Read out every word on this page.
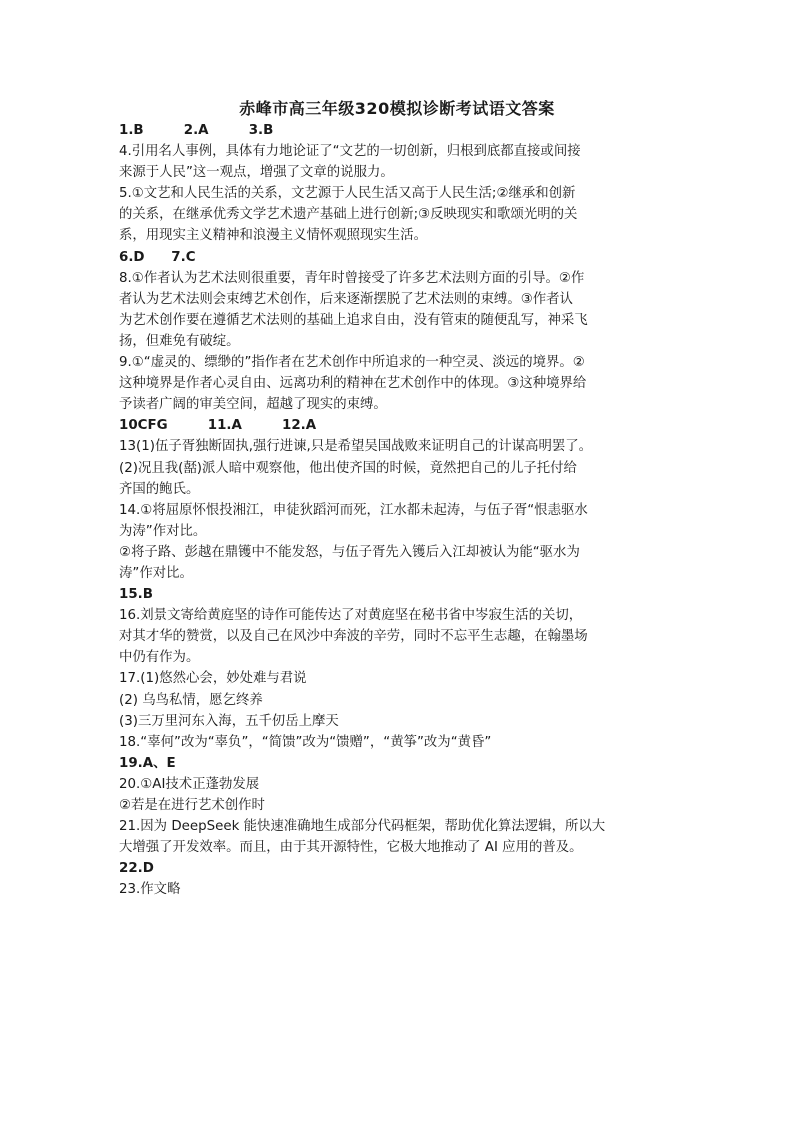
赤峰市高三年级320模拟诊断考试语文答案
1.B　　　2.A　　　3.B
4.引用名人事例，具体有力地论证了“文艺的一切创新，归根到底都直接或间接
来源于人民”这一观点，增强了文章的说服力。
5.①文艺和人民生活的关系，文艺源于人民生活又高于人民生活;②继承和创新
的关系，在继承优秀文学艺术遗产基础上进行创新;③反映现实和歌颂光明的关
系，用现实主义精神和浪漫主义情怀观照现实生活。
6.D　　7.C
8.①作者认为艺术法则很重要，青年时曾接受了许多艺术法则方面的引导。②作
者认为艺术法则会束缚艺术创作，后来逐渐摆脱了艺术法则的束缚。③作者认
为艺术创作要在遵循艺术法则的基础上追求自由，没有管束的随便乱写，神采飞
扬，但难免有破绽。
9.①“虚灵的、缥缈的”指作者在艺术创作中所追求的一种空灵、淡远的境界。②
这种境界是作者心灵自由、远离功利的精神在艺术创作中的体现。③这种境界给
予读者广阔的审美空间，超越了现实的束缚。
10CFG　　　11.A　　　12.A
13(1)伍子胥独断固执,强行进谏,只是希望吴国战败来证明自己的计谋高明罢了。
(2)况且我(嚭)派人暗中观察他，他出使齐国的时候，竟然把自己的儿子托付给
齐国的鲍氏。
14.①将屈原怀恨投湘江，申徒狄蹈河而死，江水都未起涛，与伍子胥“恨恚驱水
为涛”作对比。
②将子路、彭越在鼎镬中不能发怒，与伍子胥先入镬后入江却被认为能“驱水为
涛”作对比。
15.B
16.刘景文寄给黄庭坚的诗作可能传达了对黄庭坚在秘书省中岑寂生活的关切，
对其才华的赞赏，以及自己在风沙中奔波的辛劳，同时不忘平生志趣，在翰墨场
中仍有作为。
17.(1)悠然心会，妙处难与君说
(2) 乌鸟私情，愿乞终养
(3)三万里河东入海，五千仞岳上摩天
18.“辜何”改为“辜负”，“简馈”改为“馈赠”，“黄筝”改为“黄昏”
19.A、E
20.①AI技术正蓬勃发展
②若是在进行艺术创作时
21.因为 DeepSeek 能快速准确地生成部分代码框架，帮助优化算法逻辑，所以大
大增强了开发效率。而且，由于其开源特性，它极大地推动了 AI 应用的普及。
22.D
23.作文略
